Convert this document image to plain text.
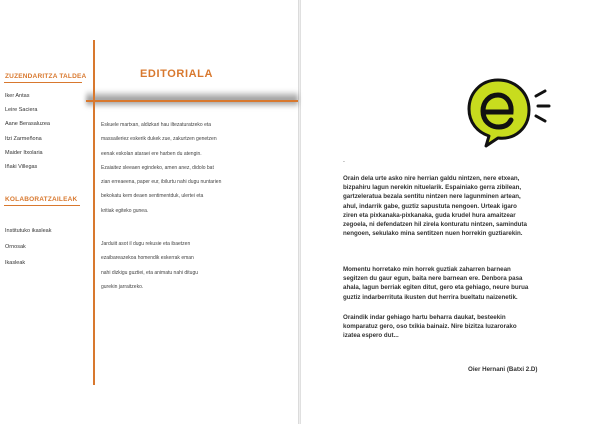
ZUZENDARITZA TALDEA
Iker Antas
Leire Saciera
Aane Berasaluzea
Itzi Zarmeñona
Maider Itxolaria
Iñaki Villegas
KOLABORATZAILEAK
Institutuko ikasleak
Ornosak
Ikasleak
EDITORIALA

Eskuele martxan, aldizkari hau iltezaturatzeko eta
massaileriez eskerik dukek zue, zakurtzen genetzen
eenak eskolan ataraei ere harben du atengin.
Ezaiaitez sleeaen egindeko, amen anez, didolo bat
zian erreaeena, paper eur, ibilurtu nahi dugu nuntarien
bekokatu kem deaen sentimentduk, ulertei eta
kritiak egiteko gunea.

Jarduiit asot il dugu rekusie eta ibaetzen
ezaibareazekoa homendik eskerrak eman
nahi dizkigu guztiei, eta animatu nahi ditugu
gurekin jarraitzeko.

.

Orain dela urte asko nire herrian galdu nintzen, nere etxean,
bizpahiru lagun nerekin nituelarik. Espainiako gerra zibilean,
gartzeleratua bezala sentitu nintzen nere lagunminen artean,
ahul, indarrik gabe, guztiz sapustuta nengoen. Urteak igaro
ziren eta pixkanaka-pixkanaka, guda krudel hura amaitzear
zegoela, ni defendatzen hil zirela konturatu nintzen, saminduta
nengoen, sekulako mina sentitzen nuen horrekin guztiarekin.

Momentu horretako min horrek guztiak zaharren barnean
segitzen du gaur egun, baita nere barnean ere. Denbora pasa
ahala, lagun berriak egiten ditut, gero eta gehiago, neure burua
guztiz indarberrituta ikusten dut herrira bueltatu naizenetik.

Oraindik indar gehiago hartu beharra daukat, besteekin
komparatuz gero, oso txikia bainaiz. Nire bizitza luzarorako
izatea espero dut...

Oier Hernani (Batxi 2.D)
